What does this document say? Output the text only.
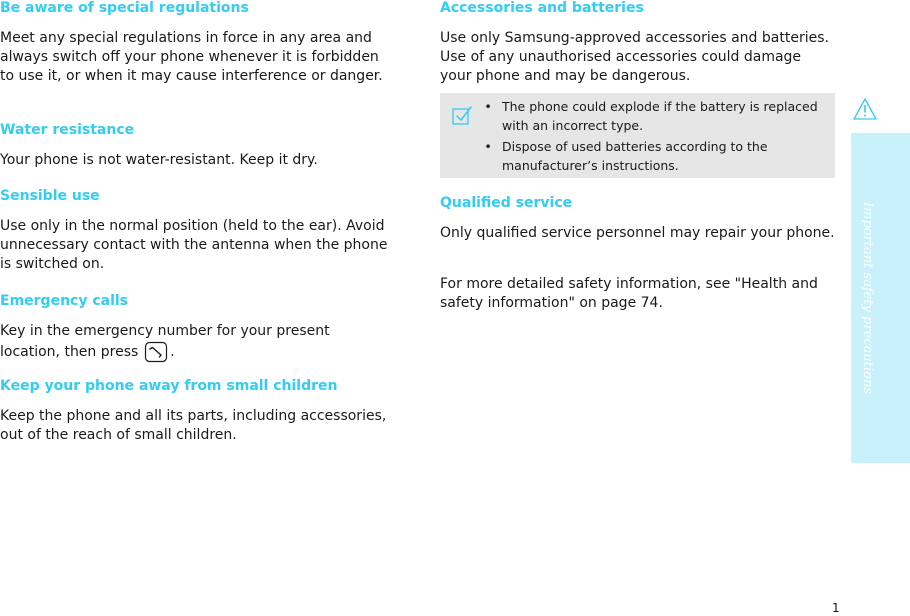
Be aware of special regulations

Meet any special regulations in force in any area and always switch off your phone whenever it is forbidden to use it, or when it may cause interference or danger.

Water resistance

Your phone is not water-resistant. Keep it dry.

Sensible use

Use only in the normal position (held to the ear). Avoid unnecessary contact with the antenna when the phone is switched on.

Emergency calls

Key in the emergency number for your present location, then press .

Keep your phone away from small children

Keep the phone and all its parts, including accessories, out of the reach of small children.

Accessories and batteries

Use only Samsung-approved accessories and batteries. Use of any unauthorised accessories could damage your phone and may be dangerous.

Qualified service

Only qualified service personnel may repair your phone.

For more detailed safety information, see "Health and safety information" on page 74.

• The phone could explode if the battery is replaced with an incorrect type.
• Dispose of used batteries according to the manufacturer’s instructions.
Important safety precautions
1
